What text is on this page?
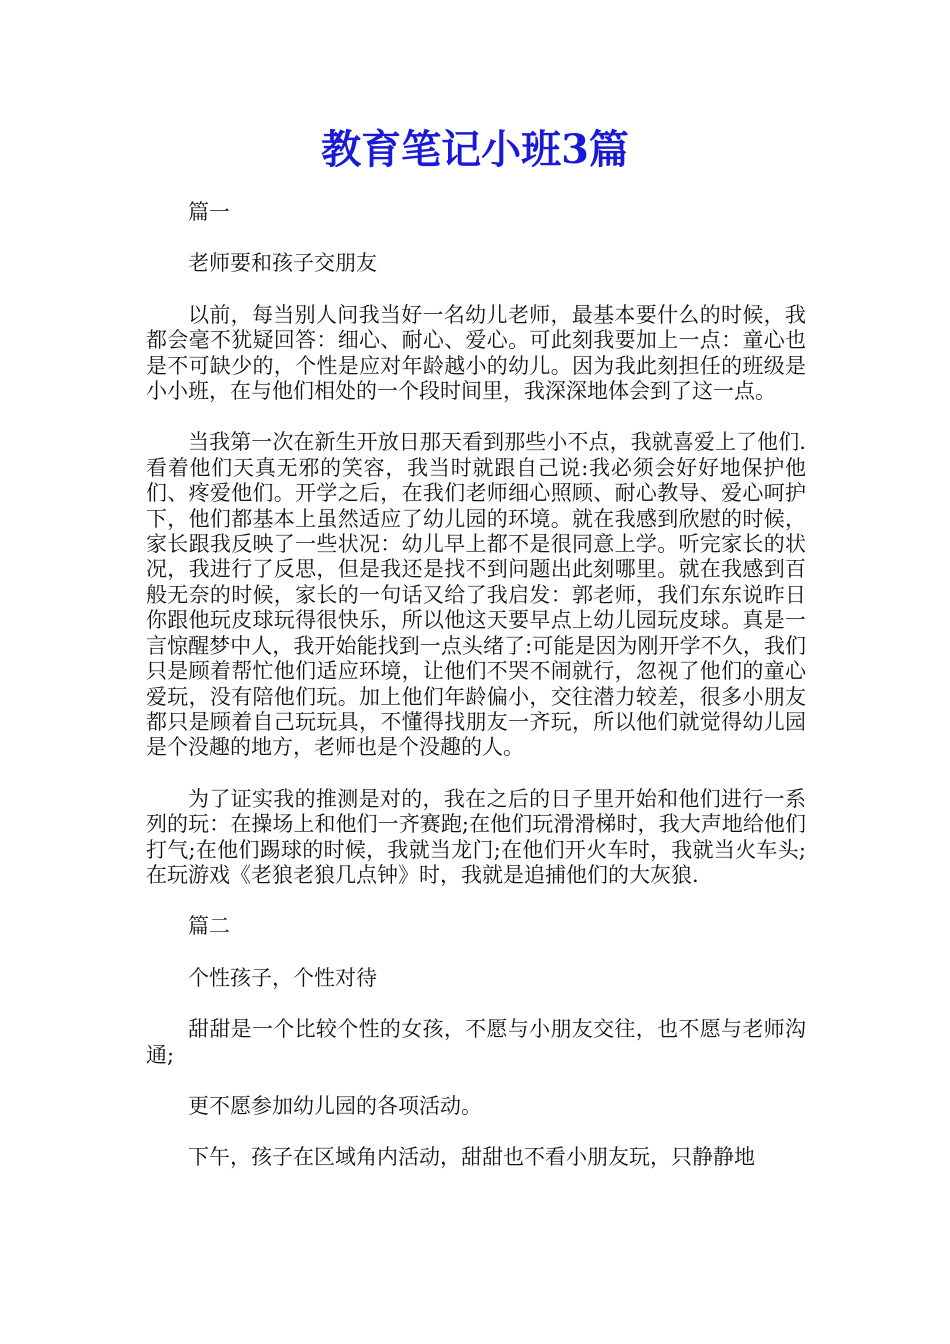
教育笔记小班3篇

篇一

老师要和孩子交朋友

以前，每当别人问我当好一名幼儿老师，最基本要什么的时候，我都会毫不犹疑回答：细心、耐心、爱心。可此刻我要加上一点：童心也是不可缺少的，个性是应对年龄越小的幼儿。因为我此刻担任的班级是小小班，在与他们相处的一个段时间里，我深深地体会到了这一点。

当我第一次在新生开放日那天看到那些小不点，我就喜爱上了他们.看着他们天真无邪的笑容，我当时就跟自己说:我必须会好好地保护他们、疼爱他们。开学之后，在我们老师细心照顾、耐心教导、爱心呵护下，他们都基本上虽然适应了幼儿园的环境。就在我感到欣慰的时候，家长跟我反映了一些状况：幼儿早上都不是很同意上学。听完家长的状况，我进行了反思，但是我还是找不到问题出此刻哪里。就在我感到百般无奈的时候，家长的一句话又给了我启发：郭老师，我们东东说昨日你跟他玩皮球玩得很快乐，所以他这天要早点上幼儿园玩皮球。真是一言惊醒梦中人，我开始能找到一点头绪了:可能是因为刚开学不久，我们只是顾着帮忙他们适应环境，让他们不哭不闹就行，忽视了他们的童心爱玩，没有陪他们玩。加上他们年龄偏小，交往潜力较差，很多小朋友都只是顾着自己玩玩具，不懂得找朋友一齐玩，所以他们就觉得幼儿园是个没趣的地方，老师也是个没趣的人。

为了证实我的推测是对的，我在之后的日子里开始和他们进行一系列的玩：在操场上和他们一齐赛跑;在他们玩滑滑梯时，我大声地给他们打气;在他们踢球的时候，我就当龙门;在他们开火车时，我就当火车头;在玩游戏《老狼老狼几点钟》时，我就是追捕他们的大灰狼.

篇二

个性孩子，个性对待

甜甜是一个比较个性的女孩，不愿与小朋友交往，也不愿与老师沟通;

更不愿参加幼儿园的各项活动。

下午，孩子在区域角内活动，甜甜也不看小朋友玩，只静静地
